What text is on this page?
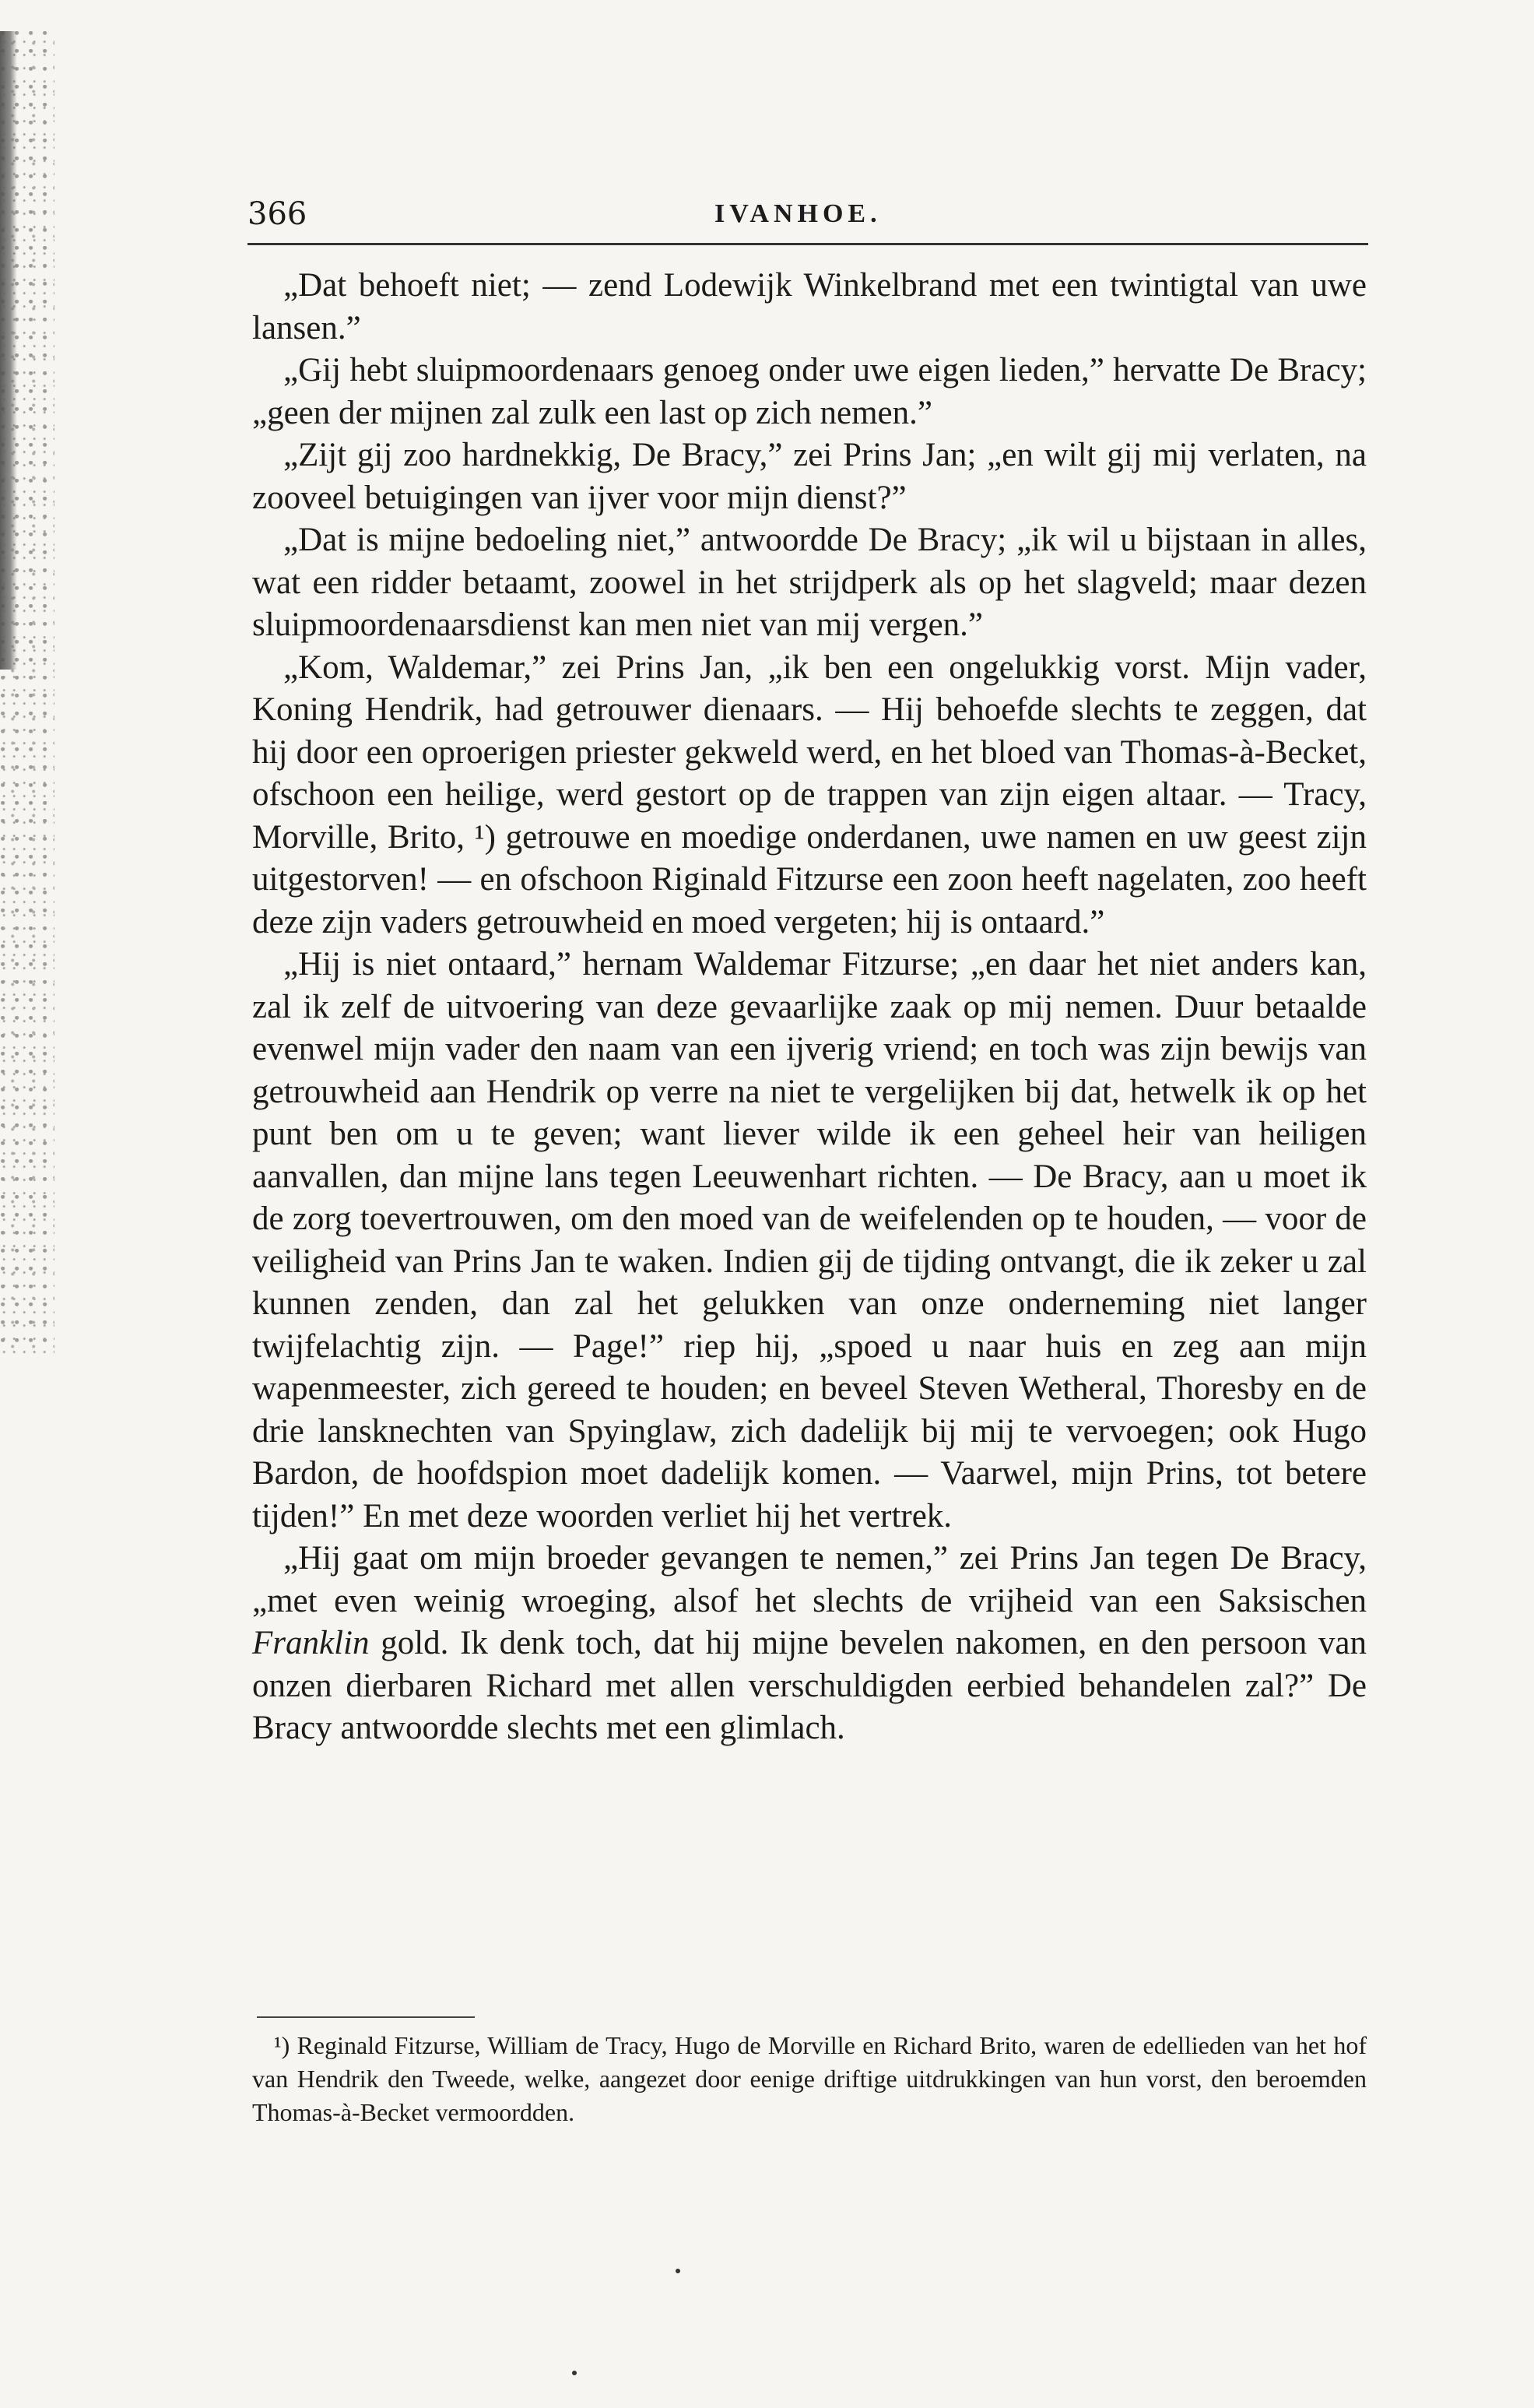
366	IVANHOE.

„Dat behoeft niet; — zend Lodewijk Winkelbrand met een twintigtal van uwe lansen.”

„Gij hebt sluipmoordenaars genoeg onder uwe eigen lieden,” hervatte De Bracy; „geen der mijnen zal zulk een last op zich nemen.”

„Zijt gij zoo hardnekkig, De Bracy,” zei Prins Jan; „en wilt gij mij verlaten, na zooveel betuigingen van ijver voor mijn dienst?”

„Dat is mijne bedoeling niet,” antwoordde De Bracy; „ik wil u bijstaan in alles, wat een ridder betaamt, zoowel in het strijdperk als op het slagveld; maar dezen sluipmoordenaarsdienst kan men niet van mij vergen.”

„Kom, Waldemar,” zei Prins Jan, „ik ben een ongelukkig vorst. Mijn vader, Koning Hendrik, had getrouwer dienaars. — Hij behoefde slechts te zeggen, dat hij door een oproerigen priester gekweld werd, en het bloed van Thomas-à-Becket, ofschoon een heilige, werd gestort op de trappen van zijn eigen altaar. — Tracy, Morville, Brito, ¹) getrouwe en moedige onderdanen, uwe namen en uw geest zijn uitgestorven! — en ofschoon Riginald Fitzurse een zoon heeft nagelaten, zoo heeft deze zijn vaders getrouwheid en moed vergeten; hij is ontaard.”

„Hij is niet ontaard,” hernam Waldemar Fitzurse; „en daar het niet anders kan, zal ik zelf de uitvoering van deze gevaarlijke zaak op mij nemen. Duur betaalde evenwel mijn vader den naam van een ijverig vriend; en toch was zijn bewijs van getrouwheid aan Hendrik op verre na niet te vergelijken bij dat, hetwelk ik op het punt ben om u te geven; want liever wilde ik een geheel heir van heiligen aanvallen, dan mijne lans tegen Leeuwenhart richten. — De Bracy, aan u moet ik de zorg toevertrouwen, om den moed van de weifelenden op te houden, — voor de veiligheid van Prins Jan te waken. Indien gij de tijding ontvangt, die ik zeker u zal kunnen zenden, dan zal het gelukken van onze onderneming niet langer twijfelachtig zijn. — Page!” riep hij, „spoed u naar huis en zeg aan mijn wapenmeester, zich gereed te houden; en beveel Steven Wetheral, Thoresby en de drie lansknechten van Spyinglaw, zich dadelijk bij mij te vervoegen; ook Hugo Bardon, de hoofdspion moet dadelijk komen. — Vaarwel, mijn Prins, tot betere tijden!” En met deze woorden verliet hij het vertrek.

„Hij gaat om mijn broeder gevangen te nemen,” zei Prins Jan tegen De Bracy, „met even weinig wroeging, alsof het slechts de vrijheid van een Saksischen Franklin gold. Ik denk toch, dat hij mijne bevelen nakomen, en den persoon van onzen dierbaren Richard met allen verschuldigden eerbied behandelen zal?” De Bracy antwoordde slechts met een glimlach.

¹) Reginald Fitzurse, William de Tracy, Hugo de Morville en Richard Brito, waren de edellieden van het hof van Hendrik den Tweede, welke, aangezet door eenige driftige uitdrukkingen van hun vorst, den beroemden Thomas-à-Becket vermoordden.
